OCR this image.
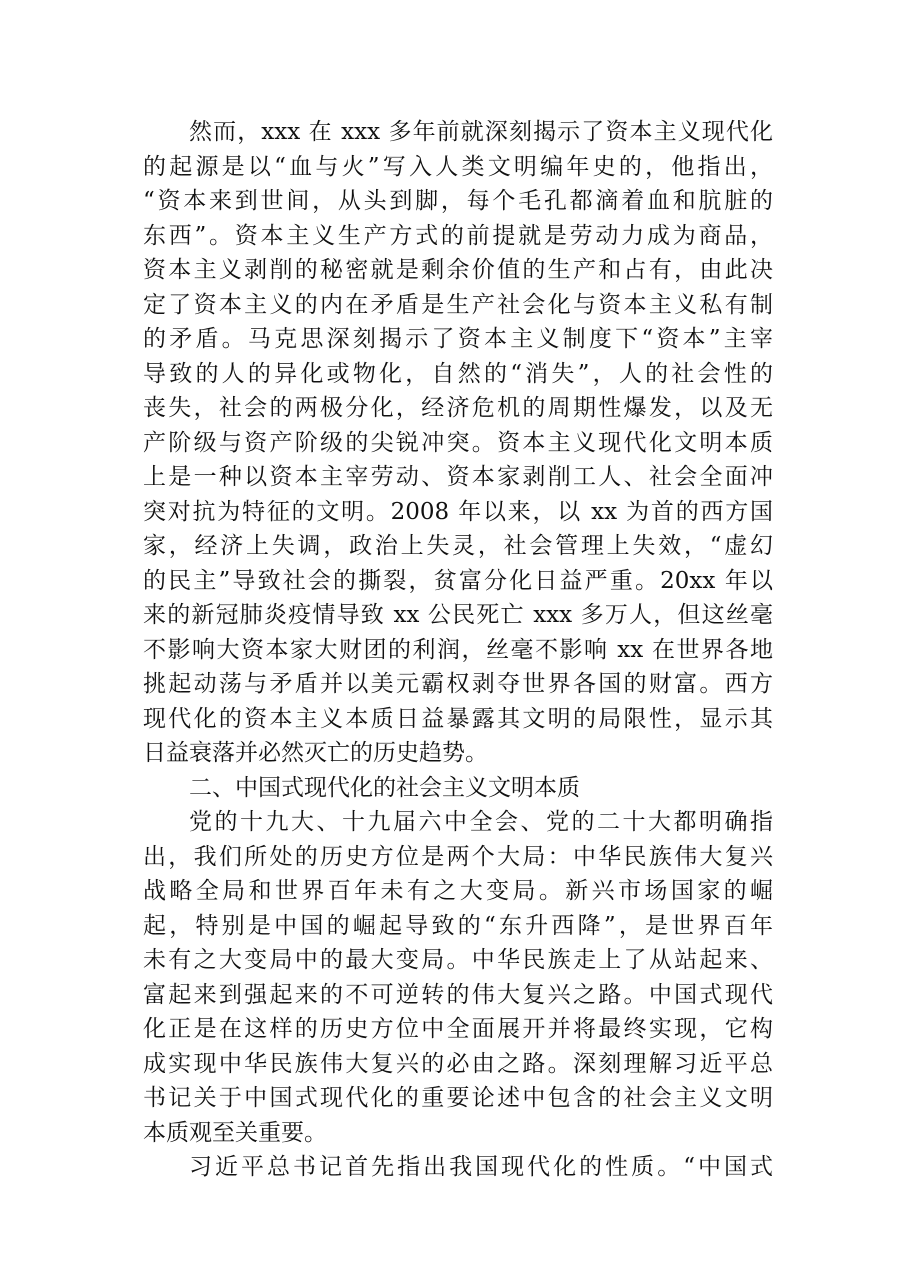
然而，xxx 在 xxx 多年前就深刻揭示了资本主义现代化
的起源是以“血与火”写入人类文明编年史的，他指出，
“资本来到世间，从头到脚，每个毛孔都滴着血和肮脏的
东西”。资本主义生产方式的前提就是劳动力成为商品，
资本主义剥削的秘密就是剩余价值的生产和占有，由此决
定了资本主义的内在矛盾是生产社会化与资本主义私有制
的矛盾。马克思深刻揭示了资本主义制度下“资本”主宰
导致的人的异化或物化，自然的“消失”，人的社会性的
丧失，社会的两极分化，经济危机的周期性爆发，以及无
产阶级与资产阶级的尖锐冲突。资本主义现代化文明本质
上是一种以资本主宰劳动、资本家剥削工人、社会全面冲
突对抗为特征的文明。2008 年以来，以 xx 为首的西方国
家，经济上失调，政治上失灵，社会管理上失效，“虚幻
的民主”导致社会的撕裂，贫富分化日益严重。20xx 年以
来的新冠肺炎疫情导致 xx 公民死亡 xxx 多万人，但这丝毫
不影响大资本家大财团的利润，丝毫不影响 xx 在世界各地
挑起动荡与矛盾并以美元霸权剥夺世界各国的财富。西方
现代化的资本主义本质日益暴露其文明的局限性，显示其
日益衰落并必然灭亡的历史趋势。
二、中国式现代化的社会主义文明本质
党的十九大、十九届六中全会、党的二十大都明确指
出，我们所处的历史方位是两个大局：中华民族伟大复兴
战略全局和世界百年未有之大变局。新兴市场国家的崛
起，特别是中国的崛起导致的“东升西降”，是世界百年
未有之大变局中的最大变局。中华民族走上了从站起来、
富起来到强起来的不可逆转的伟大复兴之路。中国式现代
化正是在这样的历史方位中全面展开并将最终实现，它构
成实现中华民族伟大复兴的必由之路。深刻理解习近平总
书记关于中国式现代化的重要论述中包含的社会主义文明
本质观至关重要。
习近平总书记首先指出我国现代化的性质。“中国式
